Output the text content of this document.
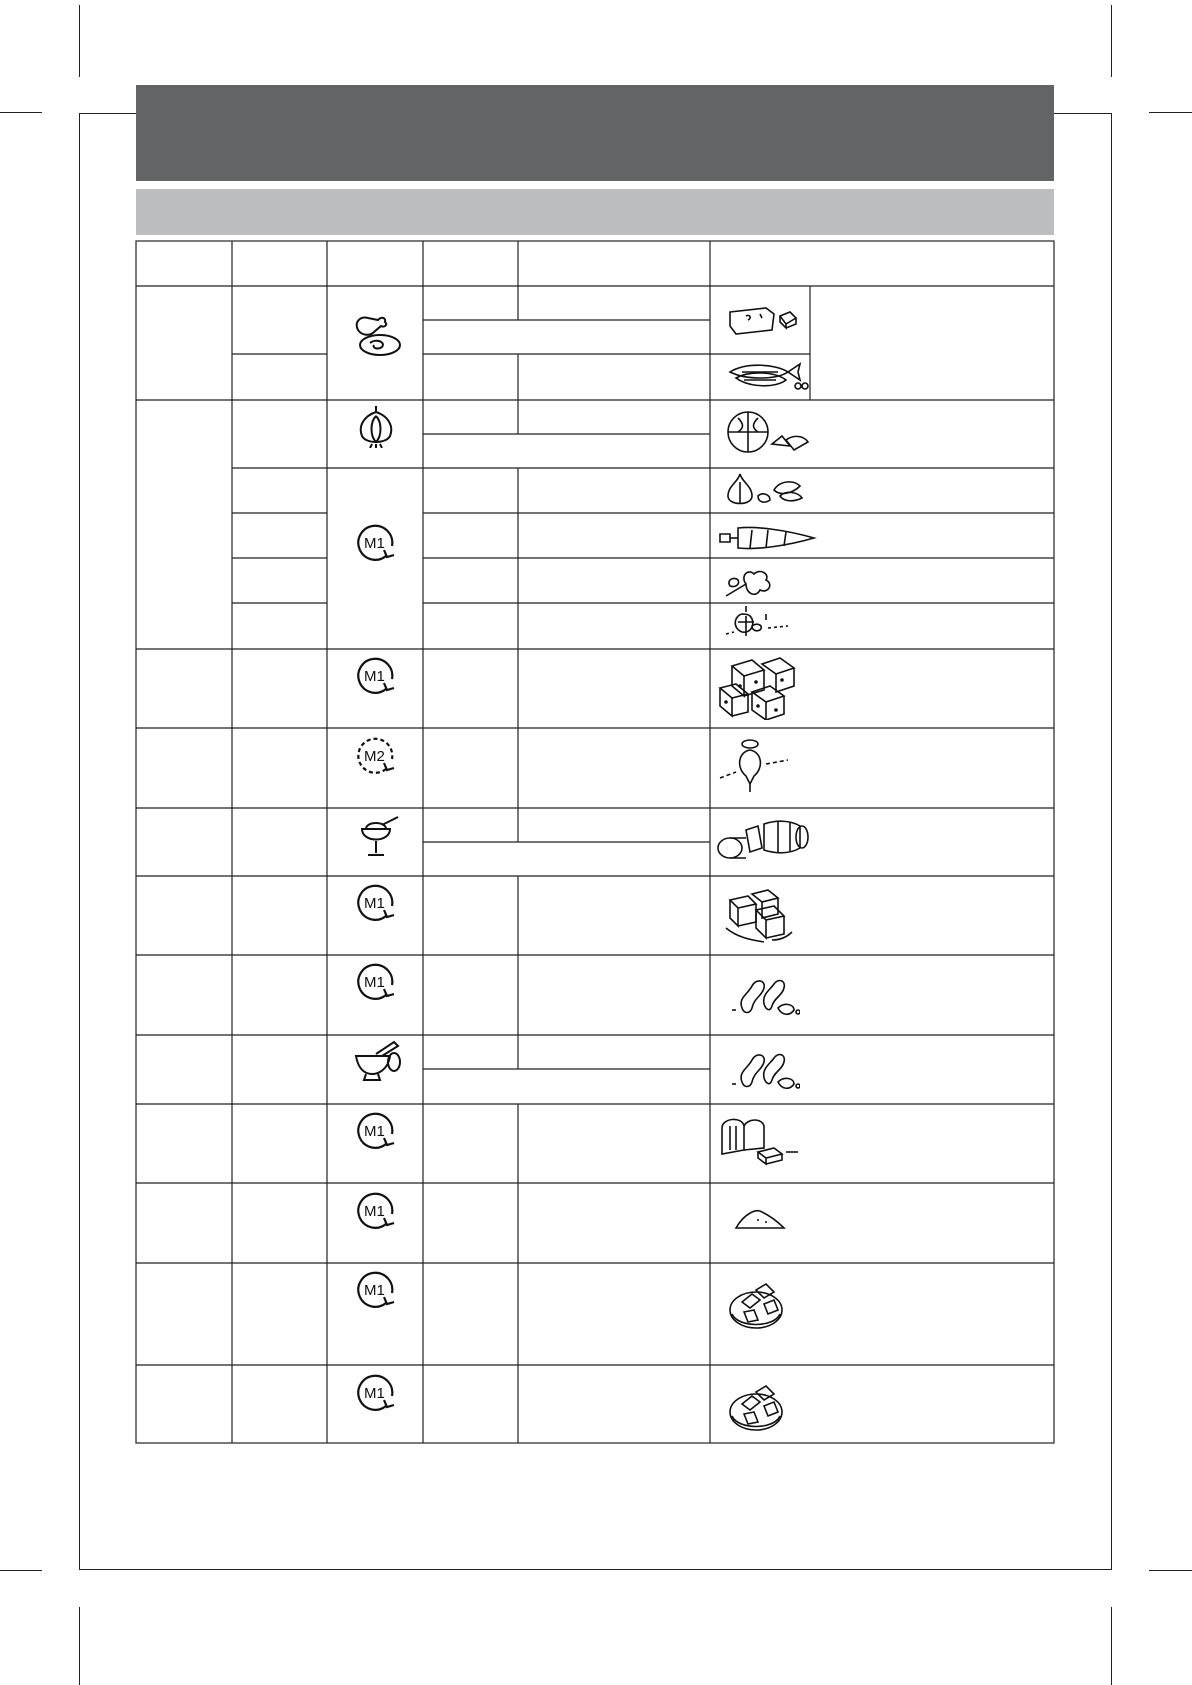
M1
M1
M2
M1
M1
M1
M1
M1
M1
